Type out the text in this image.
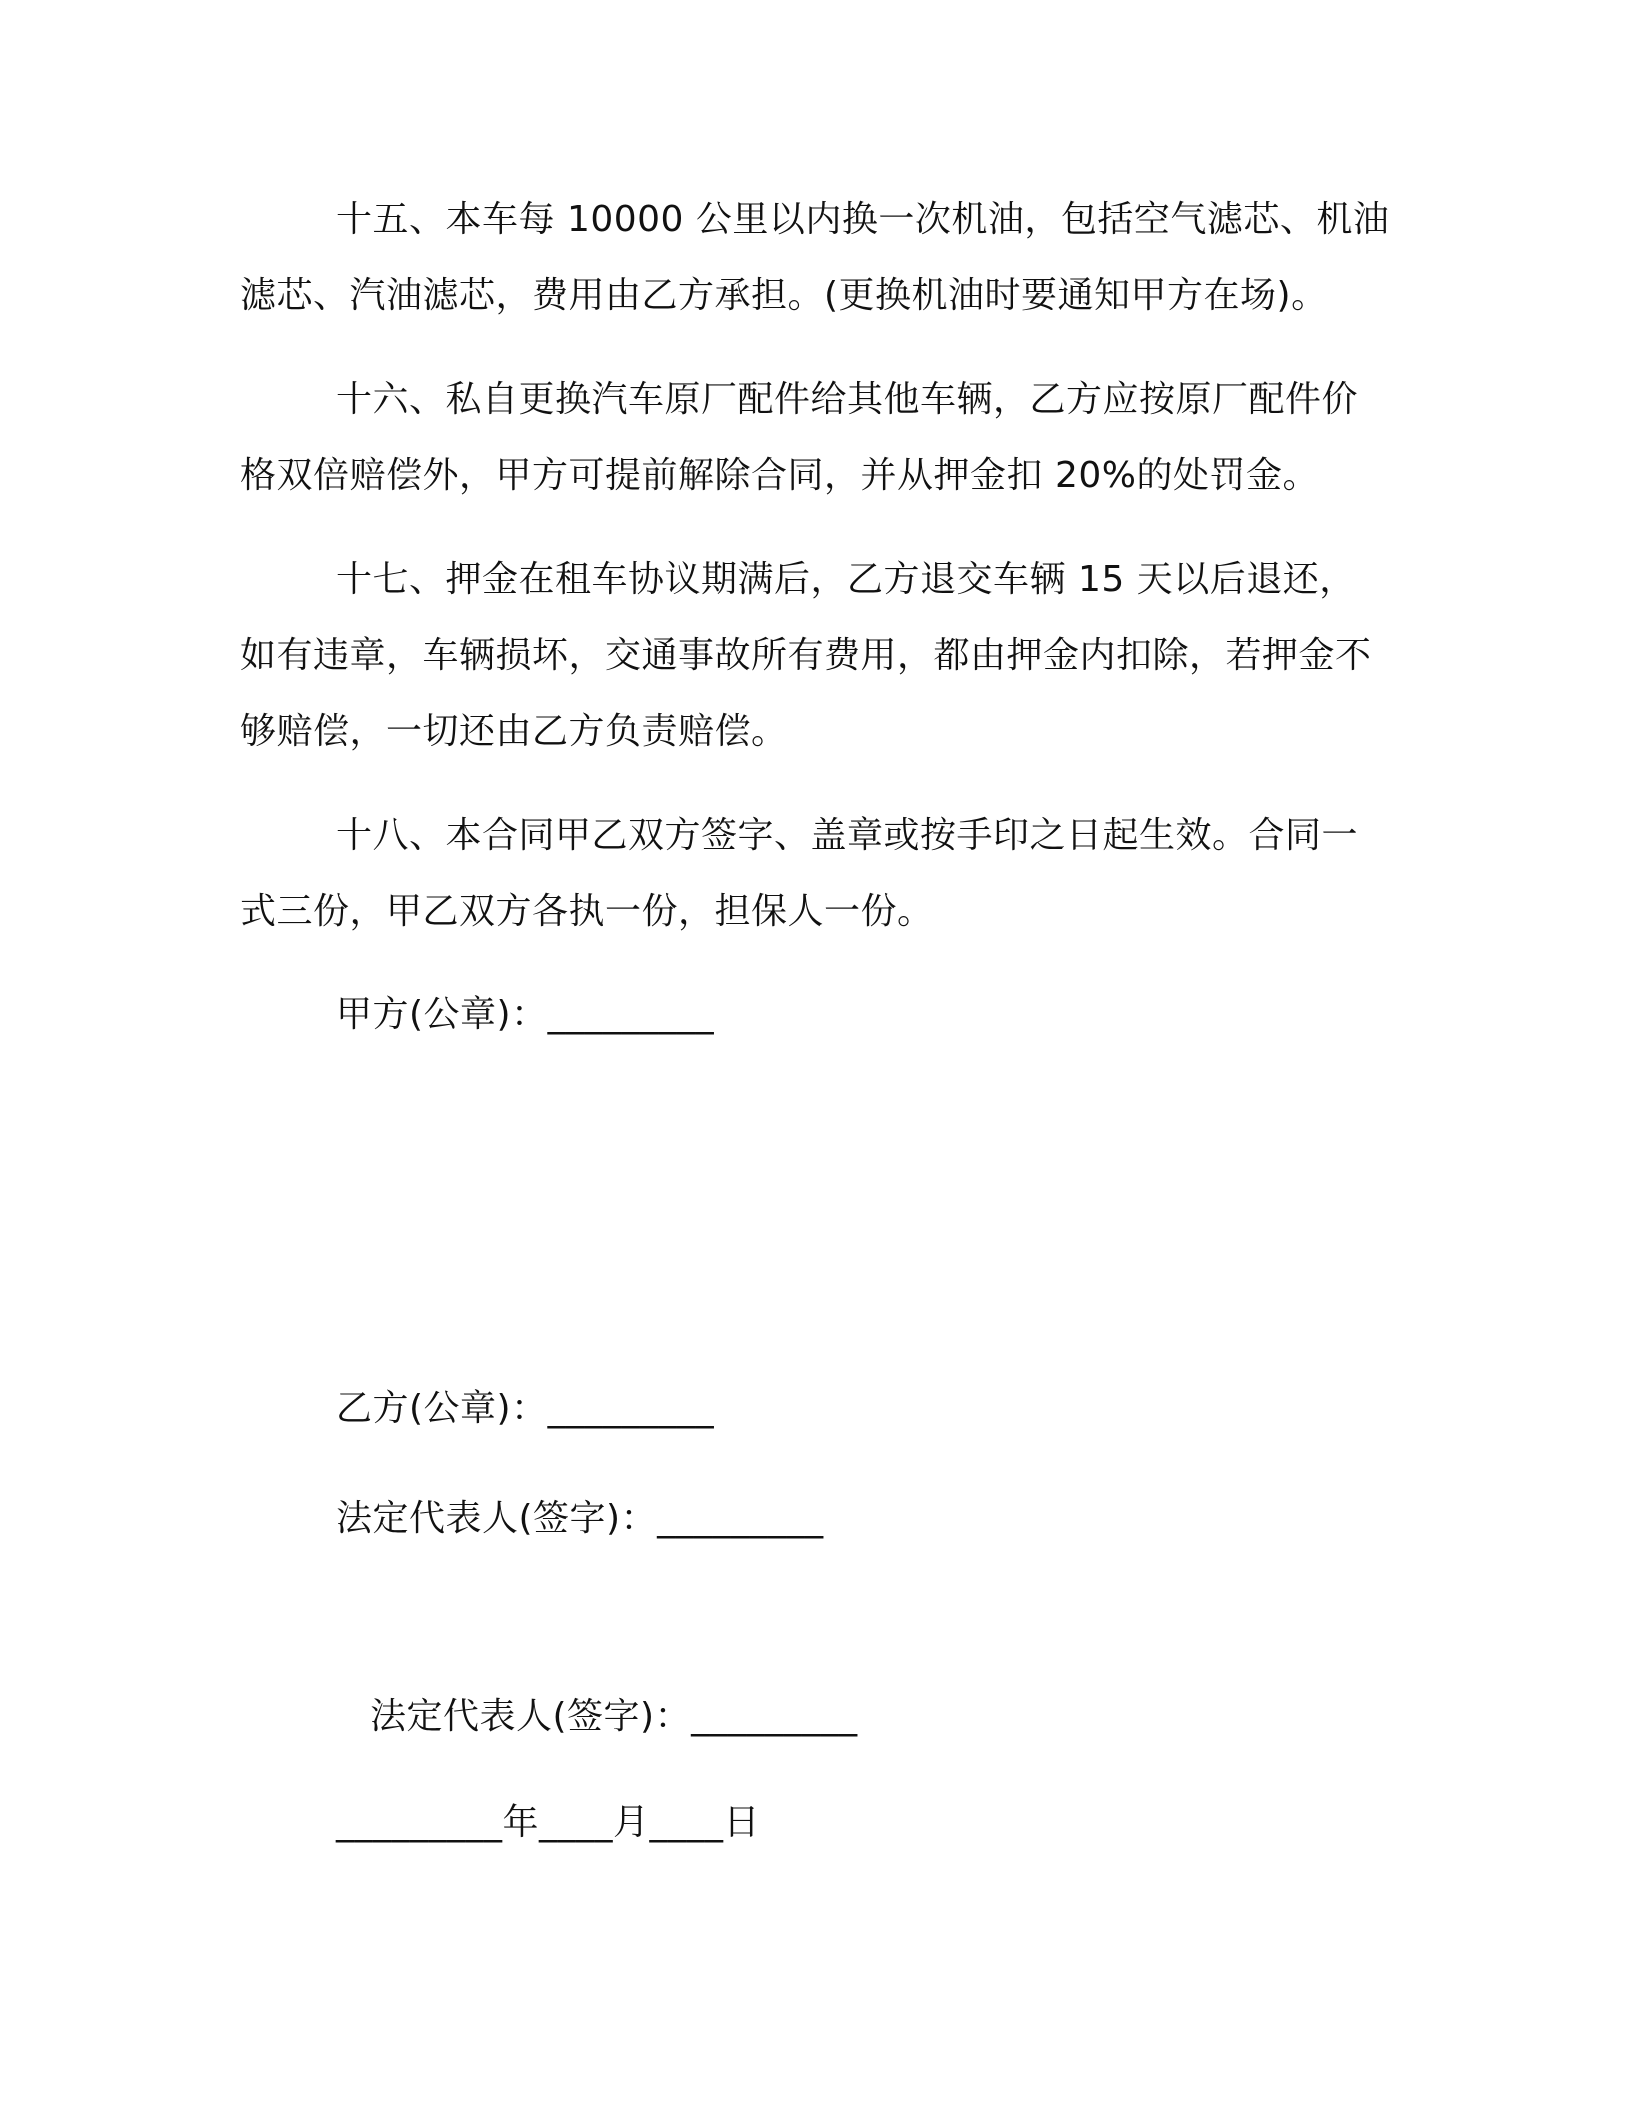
十五、本车每 10000 公里以内换一次机油，包括空气滤芯、机油滤芯、汽油滤芯，费用由乙方承担。(更换机油时要通知甲方在场)。

十六、私自更换汽车原厂配件给其他车辆，乙方应按原厂配件价格双倍赔偿外，甲方可提前解除合同，并从押金扣 20%的处罚金。

十七、押金在租车协议期满后，乙方退交车辆 15 天以后退还，如有违章，车辆损坏，交通事故所有费用，都由押金内扣除，若押金不够赔偿，一切还由乙方负责赔偿。

十八、本合同甲乙双方签字、盖章或按手印之日起生效。合同一式三份，甲乙双方各执一份，担保人一份。

甲方(公章)：_________

乙方(公章)：_________

法定代表人(签字)：_________

法定代表人(签字)：_________

_________年____月____日
